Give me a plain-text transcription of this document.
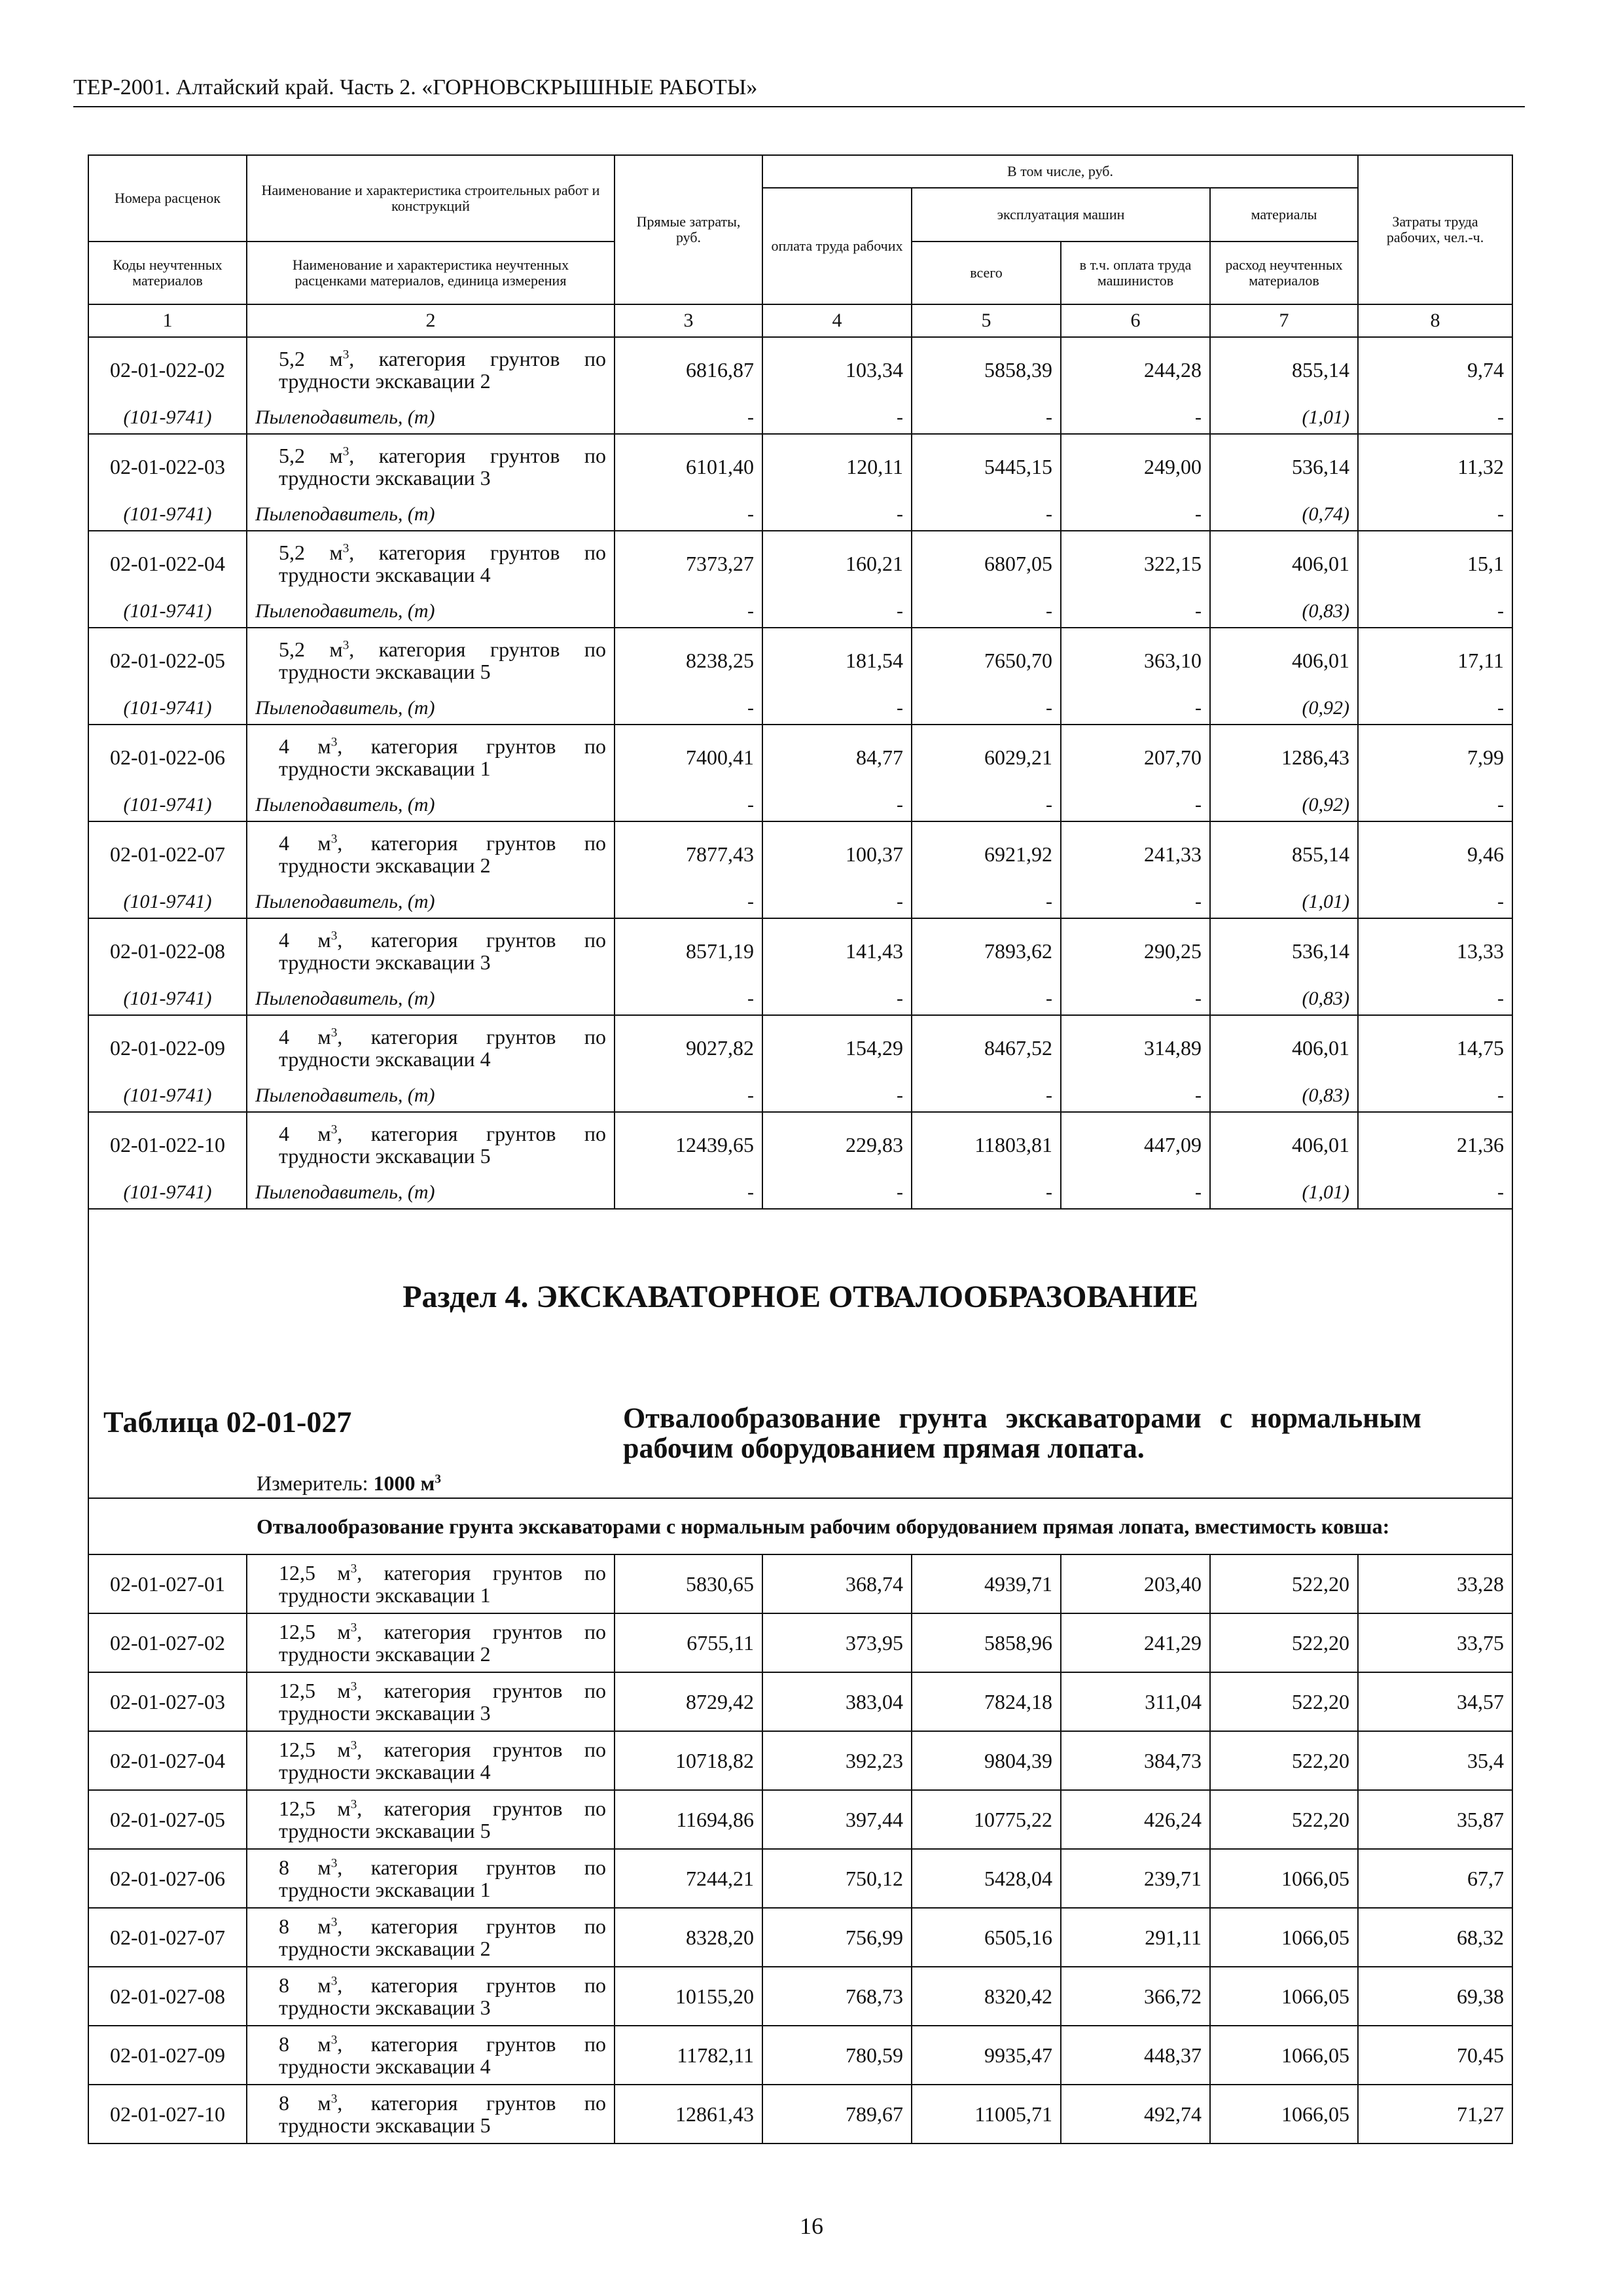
ТЕР-2001. Алтайский край. Часть 2. «ГОРНОВСКРЫШНЫЕ РАБОТЫ»
Номера расценок	Наименование и характеристика строительных работ и конструкций	Прямые затраты, руб.	В том числе, руб.				Затраты труда рабочих, чел.-ч.
			оплата труда рабочих	эксплуатация машин		материалы	
Коды неучтенных материалов	Наименование и характеристика неучтенных расценками материалов, единица измерения			всего	в т.ч. оплата труда машинистов	расход неучтенных материалов	
1	2	3	4	5	6	7	8
02-01-022-02	5,2 $м^3$, категория грунтов по трудности экскавации 2	6816,87	103,34	5858,39	244,28	855,14	9,74
(101-9741)	Пылеподавитель, (т)	-	-	-	-	(1,01)	-
02-01-022-03	5,2 $м^3$, категория грунтов по трудности экскавации 3	6101,40	120,11	5445,15	249,00	536,14	11,32
(101-9741)	Пылеподавитель, (т)	-	-	-	-	(0,74)	-
02-01-022-04	5,2 $м^3$, категория грунтов по трудности экскавации 4	7373,27	160,21	6807,05	322,15	406,01	15,1
(101-9741)	Пылеподавитель, (т)	-	-	-	-	(0,83)	-
02-01-022-05	5,2 $м^3$, категория грунтов по трудности экскавации 5	8238,25	181,54	7650,70	363,10	406,01	17,11
(101-9741)	Пылеподавитель, (т)	-	-	-	-	(0,92)	-
02-01-022-06	4 $м^3$, категория грунтов по трудности экскавации 1	7400,41	84,77	6029,21	207,70	1286,43	7,99
(101-9741)	Пылеподавитель, (т)	-	-	-	-	(0,92)	-
02-01-022-07	4 $м^3$, категория грунтов по трудности экскавации 2	7877,43	100,37	6921,92	241,33	855,14	9,46
(101-9741)	Пылеподавитель, (т)	-	-	-	-	(1,01)	-
02-01-022-08	4 $м^3$, категория грунтов по трудности экскавации 3	8571,19	141,43	7893,62	290,25	536,14	13,33
(101-9741)	Пылеподавитель, (т)	-	-	-	-	(0,83)	-
02-01-022-09	4 $м^3$, категория грунтов по трудности экскавации 4	9027,82	154,29	8467,52	314,89	406,01	14,75
(101-9741)	Пылеподавитель, (т)	-	-	-	-	(0,83)	-
02-01-022-10	4 $м^3$, категория грунтов по трудности экскавации 5	12439,65	229,83	11803,81	447,09	406,01	21,36
(101-9741)	Пылеподавитель, (т)	-	-	-	-	(1,01)	-

Раздел 4. ЭКСКАВАТОРНОЕ ОТВАЛООБРАЗОВАНИЕ
Таблица 02-01-027 Отвалообразование грунта экскаваторами с нормальным рабочим оборудованием прямая лопата.
Измеритель: 1000 $м^3$

Отвалообразование грунта экскаваторами с нормальным рабочим оборудованием прямая лопата, вместимость ковша:							
02-01-027-01	12,5 $м^3$, категория грунтов по трудности экскавации 1	5830,65	368,74	4939,71	203,40	522,20	33,28
02-01-027-02	12,5 $м^3$, категория грунтов по трудности экскавации 2	6755,11	373,95	5858,96	241,29	522,20	33,75
02-01-027-03	12,5 $м^3$, категория грунтов по трудности экскавации 3	8729,42	383,04	7824,18	311,04	522,20	34,57
02-01-027-04	12,5 $м^3$, категория грунтов по трудности экскавации 4	10718,82	392,23	9804,39	384,73	522,20	35,4
02-01-027-05	12,5 $м^3$, категория грунтов по трудности экскавации 5	11694,86	397,44	10775,22	426,24	522,20	35,87
02-01-027-06	8 $м^3$, категория грунтов по трудности экскавации 1	7244,21	750,12	5428,04	239,71	1066,05	67,7
02-01-027-07	8 $м^3$, категория грунтов по трудности экскавации 2	8328,20	756,99	6505,16	291,11	1066,05	68,32
02-01-027-08	8 $м^3$, категория грунтов по трудности экскавации 3	10155,20	768,73	8320,42	366,72	1066,05	69,38
02-01-027-09	8 $м^3$, категория грунтов по трудности экскавации 4	11782,11	780,59	9935,47	448,37	1066,05	70,45
02-01-027-10	8 $м^3$, категория грунтов по трудности экскавации 5	12861,43	789,67	11005,71	492,74	1066,05	71,27
16
